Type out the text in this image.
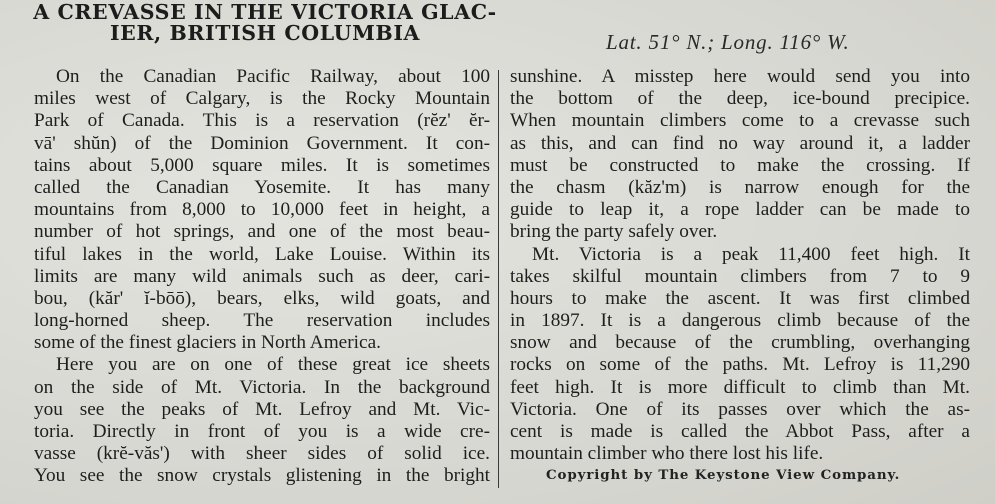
A CREVASSE IN THE VICTORIA GLAC-
IER, BRITISH COLUMBIA	Lat. 51° N.; Long. 116° W.

On the Canadian Pacific Railway, about 100
miles west of Calgary, is the Rocky Mountain
Park of Canada. This is a reservation (rĕz' ĕr-
vā' shŭn) of the Dominion Government. It con-
tains about 5,000 square miles. It is sometimes
called the Canadian Yosemite. It has many
mountains from 8,000 to 10,000 feet in height, a
number of hot springs, and one of the most beau-
tiful lakes in the world, Lake Louise. Within its
limits are many wild animals such as deer, cari-
bou, (kăr' ĭ-bōō), bears, elks, wild goats, and
long-horned sheep. The reservation includes
some of the finest glaciers in North America.

Here you are on one of these great ice sheets
on the side of Mt. Victoria. In the background
you see the peaks of Mt. Lefroy and Mt. Vic-
toria. Directly in front of you is a wide cre-
vasse (krĕ-văs') with sheer sides of solid ice.
You see the snow crystals glistening in the bright

sunshine. A misstep here would send you into
the bottom of the deep, ice-bound precipice.
When mountain climbers come to a crevasse such
as this, and can find no way around it, a ladder
must be constructed to make the crossing. If
the chasm (kăz'm) is narrow enough for the
guide to leap it, a rope ladder can be made to
bring the party safely over.

Mt. Victoria is a peak 11,400 feet high. It
takes skilful mountain climbers from 7 to 9
hours to make the ascent. It was first climbed
in 1897. It is a dangerous climb because of the
snow and because of the crumbling, overhanging
rocks on some of the paths. Mt. Lefroy is 11,290
feet high. It is more difficult to climb than Mt.
Victoria. One of its passes over which the as-
cent is made is called the Abbot Pass, after a
mountain climber who there lost his life.

Copyright by The Keystone View Company.
